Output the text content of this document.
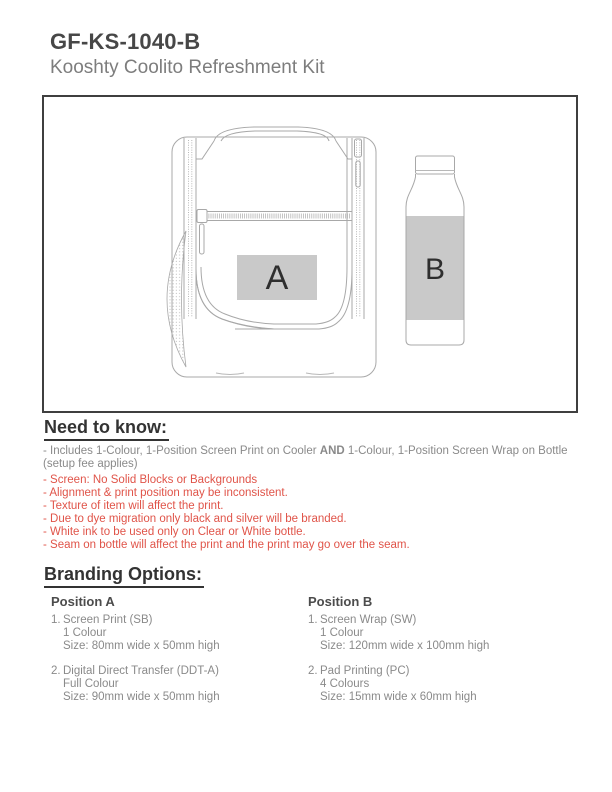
GF-KS-1040-B
Kooshty Coolito Refreshment Kit
A	B
Need to know:

- Includes 1-Colour, 1-Position Screen Print on Cooler AND 1-Colour, 1-Position Screen Wrap on Bottle (setup fee applies)

- Screen: No Solid Blocks or Backgrounds
- Alignment & print position may be inconsistent.
- Texture of item will affect the print.
- Due to dye migration only black and silver will be branded.
- White ink to be used only on Clear or White bottle.
- Seam on bottle will affect the print and the print may go over the seam.
Branding Options:

Position A

1. Screen Print (SB)
1 Colour
Size: 80mm wide x 50mm high
2. Digital Direct Transfer (DDT-A)
Full Colour
Size: 90mm wide x 50mm high

Position B

1. Screen Wrap (SW)
1 Colour
Size: 120mm wide x 100mm high
2. Pad Printing (PC)
4 Colours
Size: 15mm wide x 60mm high
